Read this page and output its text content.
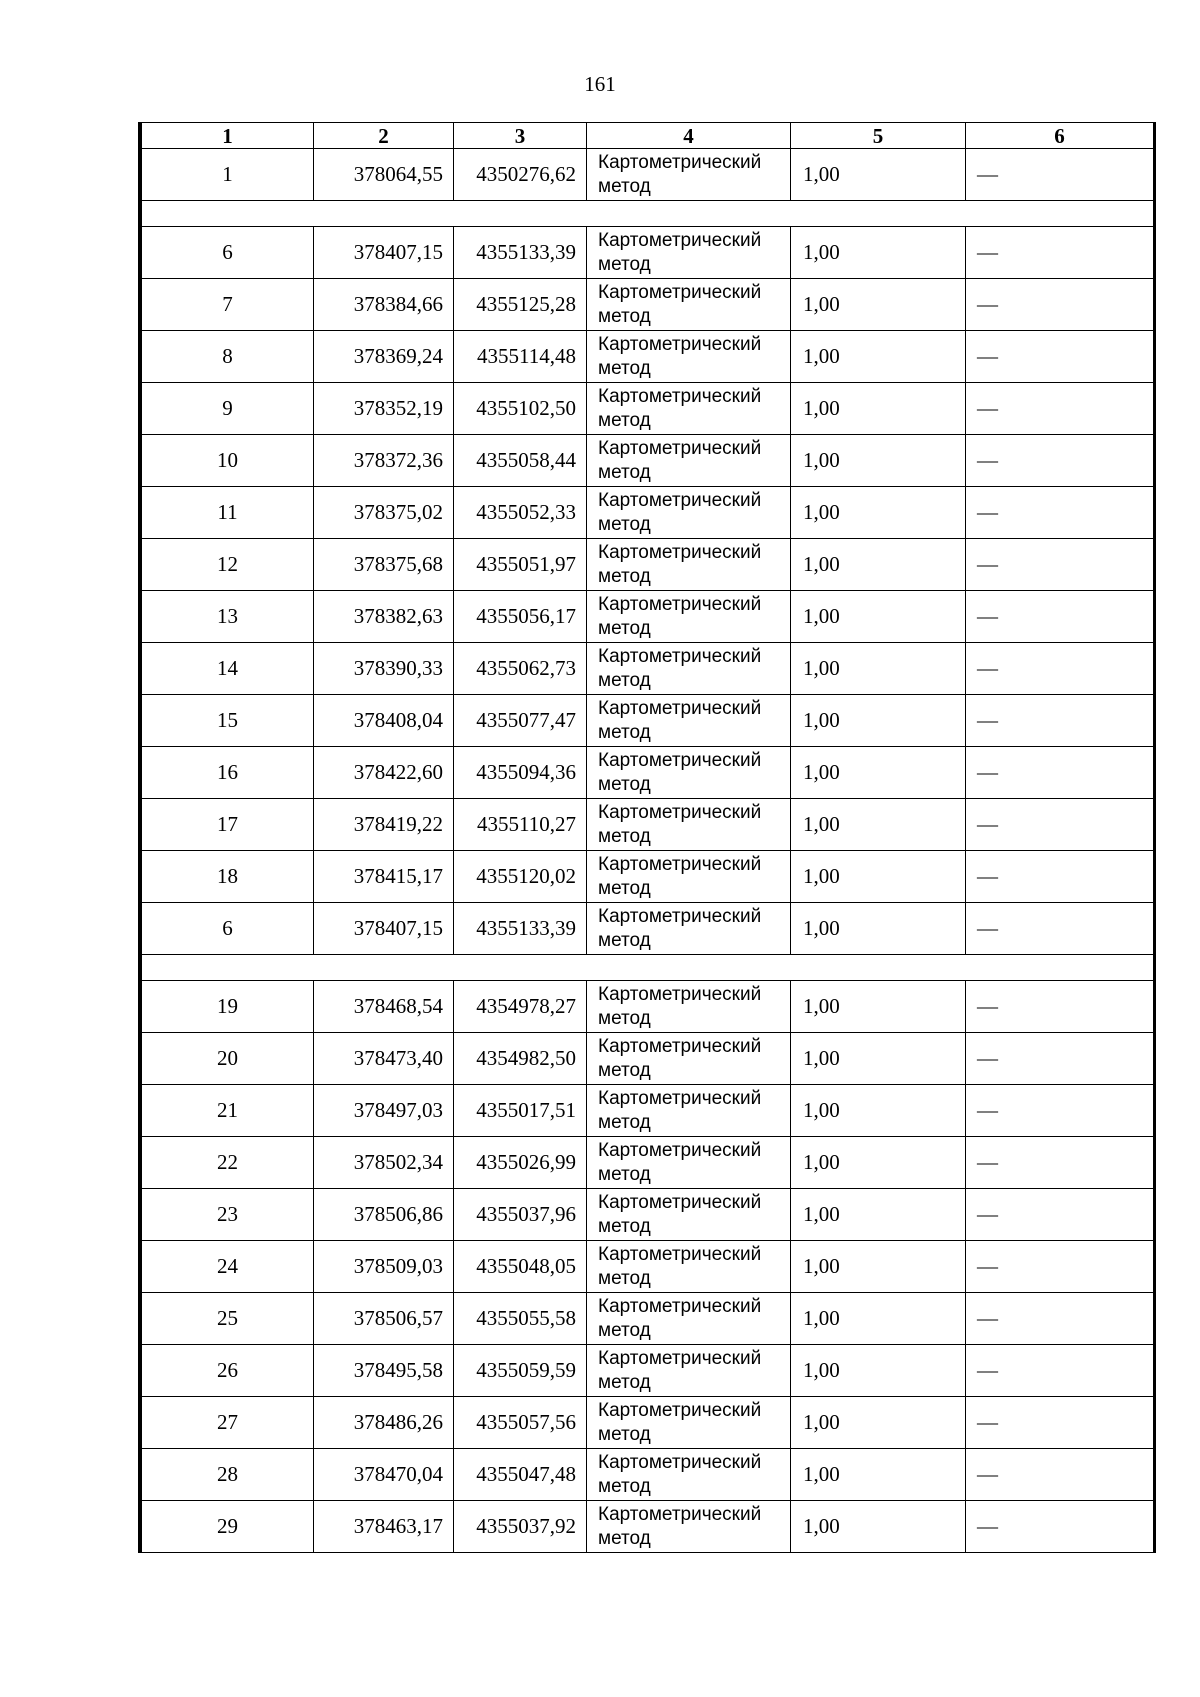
161
1	2	3	4	5	6
1	378064,55	4350276,62	Картометрический метод	1,00	—

6	378407,15	4355133,39	Картометрический метод	1,00	—
7	378384,66	4355125,28	Картометрический метод	1,00	—
8	378369,24	4355114,48	Картометрический метод	1,00	—
9	378352,19	4355102,50	Картометрический метод	1,00	—
10	378372,36	4355058,44	Картометрический метод	1,00	—
11	378375,02	4355052,33	Картометрический метод	1,00	—
12	378375,68	4355051,97	Картометрический метод	1,00	—
13	378382,63	4355056,17	Картометрический метод	1,00	—
14	378390,33	4355062,73	Картометрический метод	1,00	—
15	378408,04	4355077,47	Картометрический метод	1,00	—
16	378422,60	4355094,36	Картометрический метод	1,00	—
17	378419,22	4355110,27	Картометрический метод	1,00	—
18	378415,17	4355120,02	Картометрический метод	1,00	—
6	378407,15	4355133,39	Картометрический метод	1,00	—

19	378468,54	4354978,27	Картометрический метод	1,00	—
20	378473,40	4354982,50	Картометрический метод	1,00	—
21	378497,03	4355017,51	Картометрический метод	1,00	—
22	378502,34	4355026,99	Картометрический метод	1,00	—
23	378506,86	4355037,96	Картометрический метод	1,00	—
24	378509,03	4355048,05	Картометрический метод	1,00	—
25	378506,57	4355055,58	Картометрический метод	1,00	—
26	378495,58	4355059,59	Картометрический метод	1,00	—
27	378486,26	4355057,56	Картометрический метод	1,00	—
28	378470,04	4355047,48	Картометрический метод	1,00	—
29	378463,17	4355037,92	Картометрический метод	1,00	—
